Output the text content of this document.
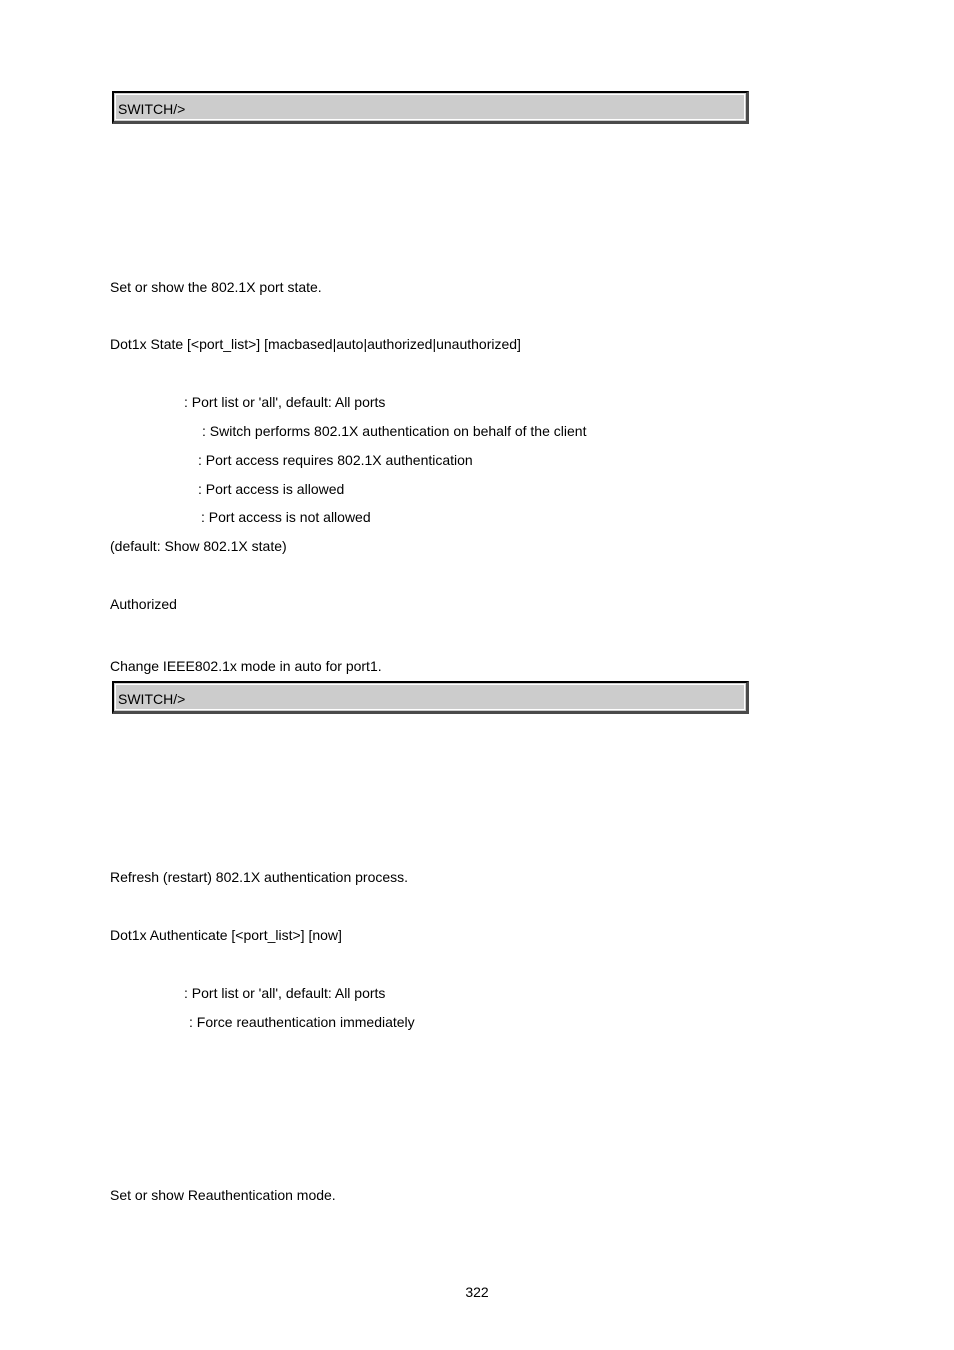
SWITCH/>
Set or show the 802.1X port state.
Dot1x State [<port_list>] [macbased|auto|authorized|unauthorized]
: Port list or 'all', default: All ports
: Switch performs 802.1X authentication on behalf of the client
: Port access requires 802.1X authentication
: Port access is allowed
: Port access is not allowed
(default: Show 802.1X state)
Authorized
Change IEEE802.1x mode in auto for port1.
SWITCH/>
Refresh (restart) 802.1X authentication process.
Dot1x Authenticate [<port_list>] [now]
: Port list or 'all', default: All ports
: Force reauthentication immediately
Set or show Reauthentication mode.
322
